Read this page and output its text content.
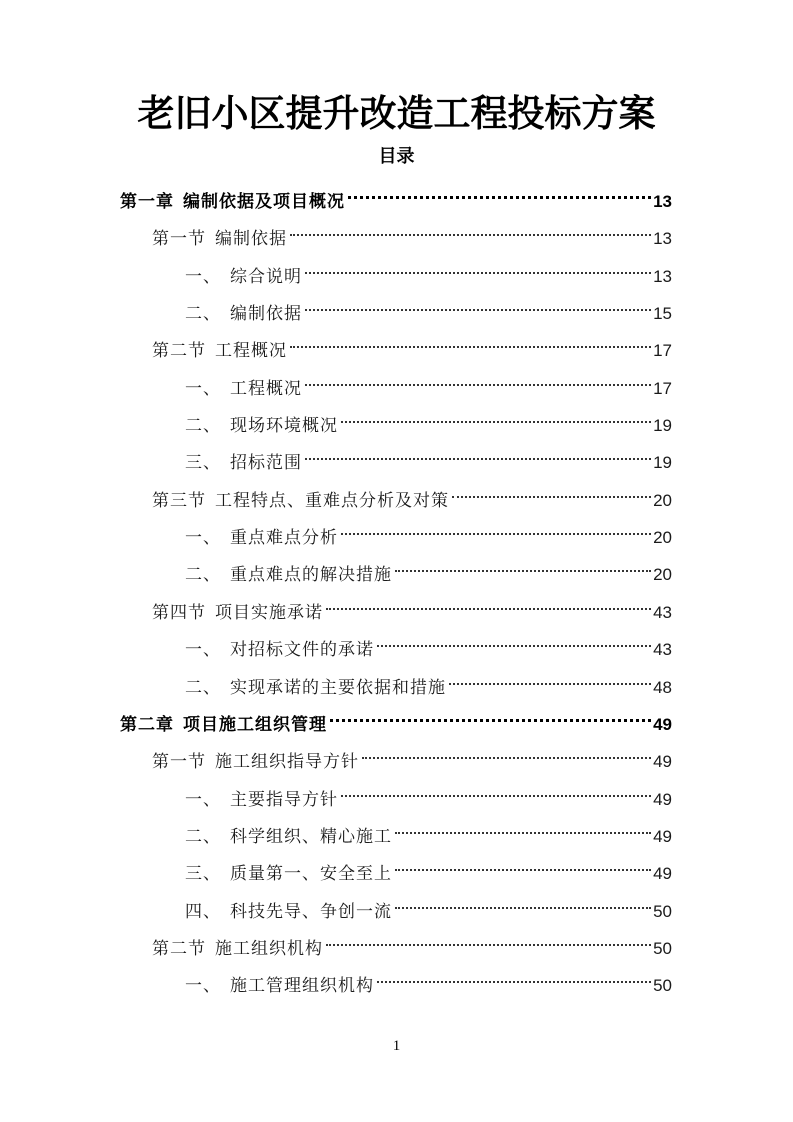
老旧小区提升改造工程投标方案
目录
第一章 编制依据及项目概况	13
第一节 编制依据	13
一、 综合说明	13
二、 编制依据	15
第二节 工程概况	17
一、 工程概况	17
二、 现场环境概况	19
三、 招标范围	19
第三节 工程特点、重难点分析及对策	20
一、 重点难点分析	20
二、 重点难点的解决措施	20
第四节 项目实施承诺	43
一、 对招标文件的承诺	43
二、 实现承诺的主要依据和措施	48
第二章 项目施工组织管理	49
第一节 施工组织指导方针	49
一、 主要指导方针	49
二、 科学组织、精心施工	49
三、 质量第一、安全至上	49
四、 科技先导、争创一流	50
第二节 施工组织机构	50
一、 施工管理组织机构	50
1
